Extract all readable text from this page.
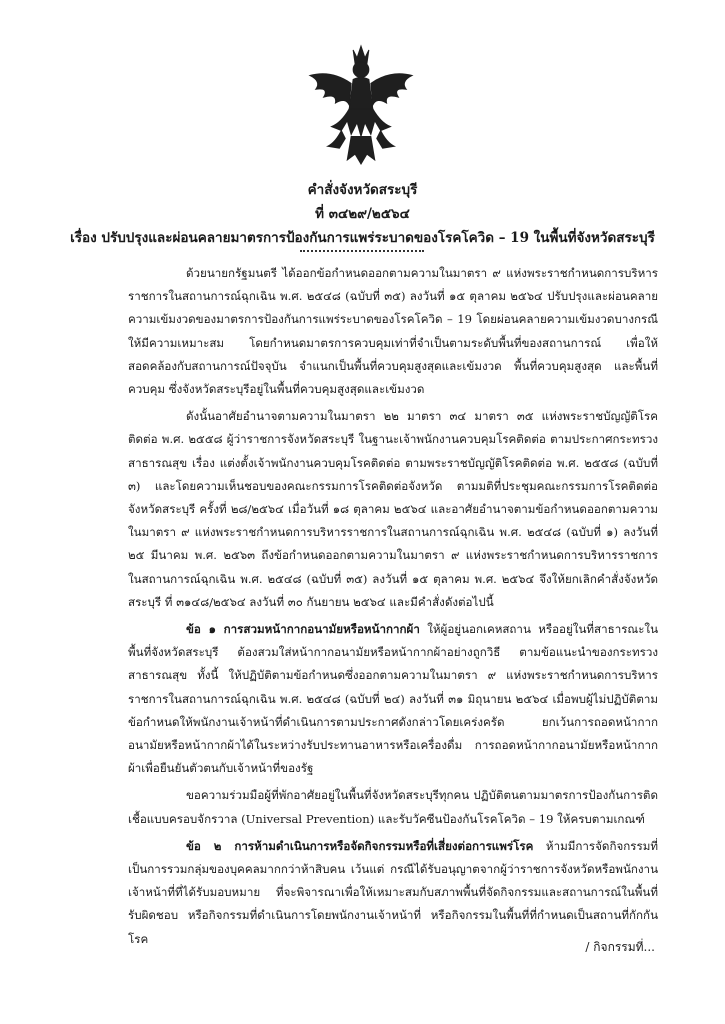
คำสั่งจังหวัดสระบุรี
ที่ ๓๔๒๙/๒๕๖๔
เรื่อง ปรับปรุงและผ่อนคลายมาตรการป้องกันการแพร่ระบาดของโรคโควิด – 19 ในพื้นที่จังหวัดสระบุรี

ด้วยนายกรัฐมนตรี ได้ออกข้อกำหนดออกตามความในมาตรา ๙ แห่งพระราชกำหนดการบริหารราชการในสถานการณ์ฉุกเฉิน พ.ศ. ๒๕๔๘ (ฉบับที่ ๓๕) ลงวันที่ ๑๕ ตุลาคม ๒๕๖๔ ปรับปรุงและผ่อนคลายความเข้มงวดของมาตรการป้องกันการแพร่ระบาดของโรคโควิด – 19 โดยผ่อนคลายความเข้มงวดบางกรณี ให้มีความเหมาะสม โดยกำหนดมาตรการควบคุมเท่าที่จำเป็นตามระดับพื้นที่ของสถานการณ์ เพื่อให้สอดคล้องกับสถานการณ์ปัจจุบัน จำแนกเป็นพื้นที่ควบคุมสูงสุดและเข้มงวด พื้นที่ควบคุมสูงสุด และพื้นที่ควบคุม ซึ่งจังหวัดสระบุรีอยู่ในพื้นที่ควบคุมสูงสุดและเข้มงวด

ดังนั้นอาศัยอำนาจตามความในมาตรา ๒๒ มาตรา ๓๔ มาตรา ๓๕ แห่งพระราชบัญญัติโรคติดต่อ พ.ศ. ๒๕๕๘ ผู้ว่าราชการจังหวัดสระบุรี ในฐานะเจ้าพนักงานควบคุมโรคติดต่อ ตามประกาศกระทรวงสาธารณสุข เรื่อง แต่งตั้งเจ้าพนักงานควบคุมโรคติดต่อ ตามพระราชบัญญัติโรคติดต่อ พ.ศ. ๒๕๕๘ (ฉบับที่ ๓) และโดยความเห็นชอบของคณะกรรมการโรคติดต่อจังหวัด ตามมติที่ประชุมคณะกรรมการโรคติดต่อจังหวัดสระบุรี ครั้งที่ ๒๘/๒๕๖๔ เมื่อวันที่ ๑๘ ตุลาคม ๒๕๖๔ และอาศัยอำนาจตามข้อกำหนดออกตามความในมาตรา ๙ แห่งพระราชกำหนดการบริหารราชการในสถานการณ์ฉุกเฉิน พ.ศ. ๒๕๔๘ (ฉบับที่ ๑) ลงวันที่ ๒๕ มีนาคม พ.ศ. ๒๕๖๓ ถึงข้อกำหนดออกตามความในมาตรา ๙ แห่งพระราชกำหนดการบริหารราชการ ในสถานการณ์ฉุกเฉิน พ.ศ. ๒๕๔๘ (ฉบับที่ ๓๕) ลงวันที่ ๑๕ ตุลาคม พ.ศ. ๒๕๖๔ จึงให้ยกเลิกคำสั่งจังหวัดสระบุรี ที่ ๓๑๔๘/๒๕๖๔ ลงวันที่ ๓๐ กันยายน ๒๕๖๔ และมีคำสั่งดังต่อไปนี้

ข้อ ๑ การสวมหน้ากากอนามัยหรือหน้ากากผ้า ให้ผู้อยู่นอกเคหสถาน หรืออยู่ในที่สาธารณะในพื้นที่จังหวัดสระบุรี ต้องสวมใส่หน้ากากอนามัยหรือหน้ากากผ้าอย่างถูกวิธี ตามข้อแนะนำของกระทรวงสาธารณสุข ทั้งนี้ ให้ปฏิบัติตามข้อกำหนดซึ่งออกตามความในมาตรา ๙ แห่งพระราชกำหนดการบริหารราชการในสถานการณ์ฉุกเฉิน พ.ศ. ๒๕๔๘ (ฉบับที่ ๒๔) ลงวันที่ ๓๑ มิถุนายน ๒๕๖๔ เมื่อพบผู้ไม่ปฏิบัติตามข้อกำหนดให้พนักงานเจ้าหน้าที่ดำเนินการตามประกาศดังกล่าวโดยเคร่งครัด ยกเว้นการถอดหน้ากากอนามัยหรือหน้ากากผ้าได้ในระหว่างรับประทานอาหารหรือเครื่องดื่ม การถอดหน้ากากอนามัยหรือหน้ากากผ้าเพื่อยืนยันตัวตนกับเจ้าหน้าที่ของรัฐ

ขอความร่วมมือผู้ที่พักอาศัยอยู่ในพื้นที่จังหวัดสระบุรีทุกคน ปฏิบัติตนตามมาตรการป้องกันการติดเชื้อแบบครอบจักรวาล (Universal Prevention) และรับวัคซีนป้องกันโรคโควิด – 19 ให้ครบตามเกณฑ์

ข้อ ๒ การห้ามดำเนินการหรือจัดกิจกรรมหรือที่เสี่ยงต่อการแพร่โรค ห้ามมีการจัดกิจกรรมที่เป็นการรวมกลุ่มของบุคคลมากกว่าห้าสิบคน เว้นแต่ กรณีได้รับอนุญาตจากผู้ว่าราชการจังหวัดหรือพนักงานเจ้าหน้าที่ที่ได้รับมอบหมาย ที่จะพิจารณาเพื่อให้เหมาะสมกับสภาพพื้นที่จัดกิจกรรมและสถานการณ์ในพื้นที่รับผิดชอบ หรือกิจกรรมที่ดำเนินการโดยพนักงานเจ้าหน้าที่ หรือกิจกรรมในพื้นที่ที่กำหนดเป็นสถานที่กักกันโรค

/ กิจกรรมที่...
